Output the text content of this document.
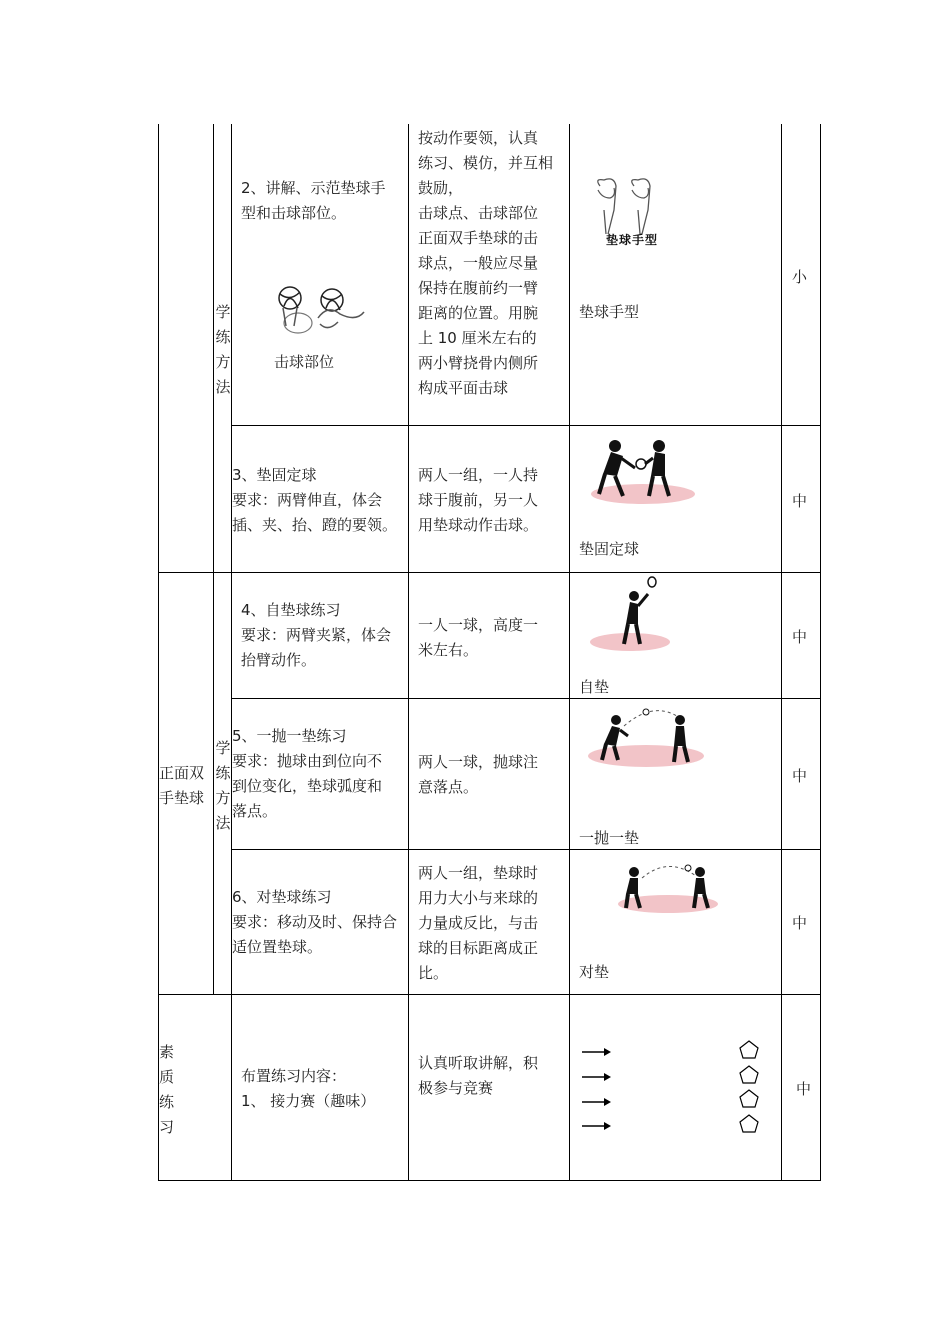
学练方法
2、讲解、示范垫球手
型和击球部位。
击球部位
按动作要领，认真
练习、模仿，并互相
鼓励，
击球点、击球部位
正面双手垫球的击
球点，一般应尽量
保持在腹前约一臂
距离的位置。用腕
上 10 厘米左右的
两小臂挠骨内侧所
构成平面击球
垫球手型
垫球手型
小
3、垫固定球
要求：两臂伸直，体会
插、夹、抬、蹬的要领。
两人一组，一人持
球于腹前，另一人
用垫球动作击球。
垫固定球
中
4、自垫球练习
要求：两臂夹紧，体会
抬臂动作。
一人一球，高度一
米左右。
自垫
中
正面双
手垫球
学练方法
5、一抛一垫练习
要求：抛球由到位向不
到位变化，垫球弧度和
落点。
两人一球，抛球注
意落点。
一抛一垫
中
6、对垫球练习
要求：移动及时、保持合
适位置垫球。
两人一组，垫球时
用力大小与来球的
力量成反比，与击
球的目标距离成正
比。	对垫
中
素
质
练
习
布置练习内容：
1、 接力赛（趣味）
认真听取讲解，积
极参与竞赛	中
